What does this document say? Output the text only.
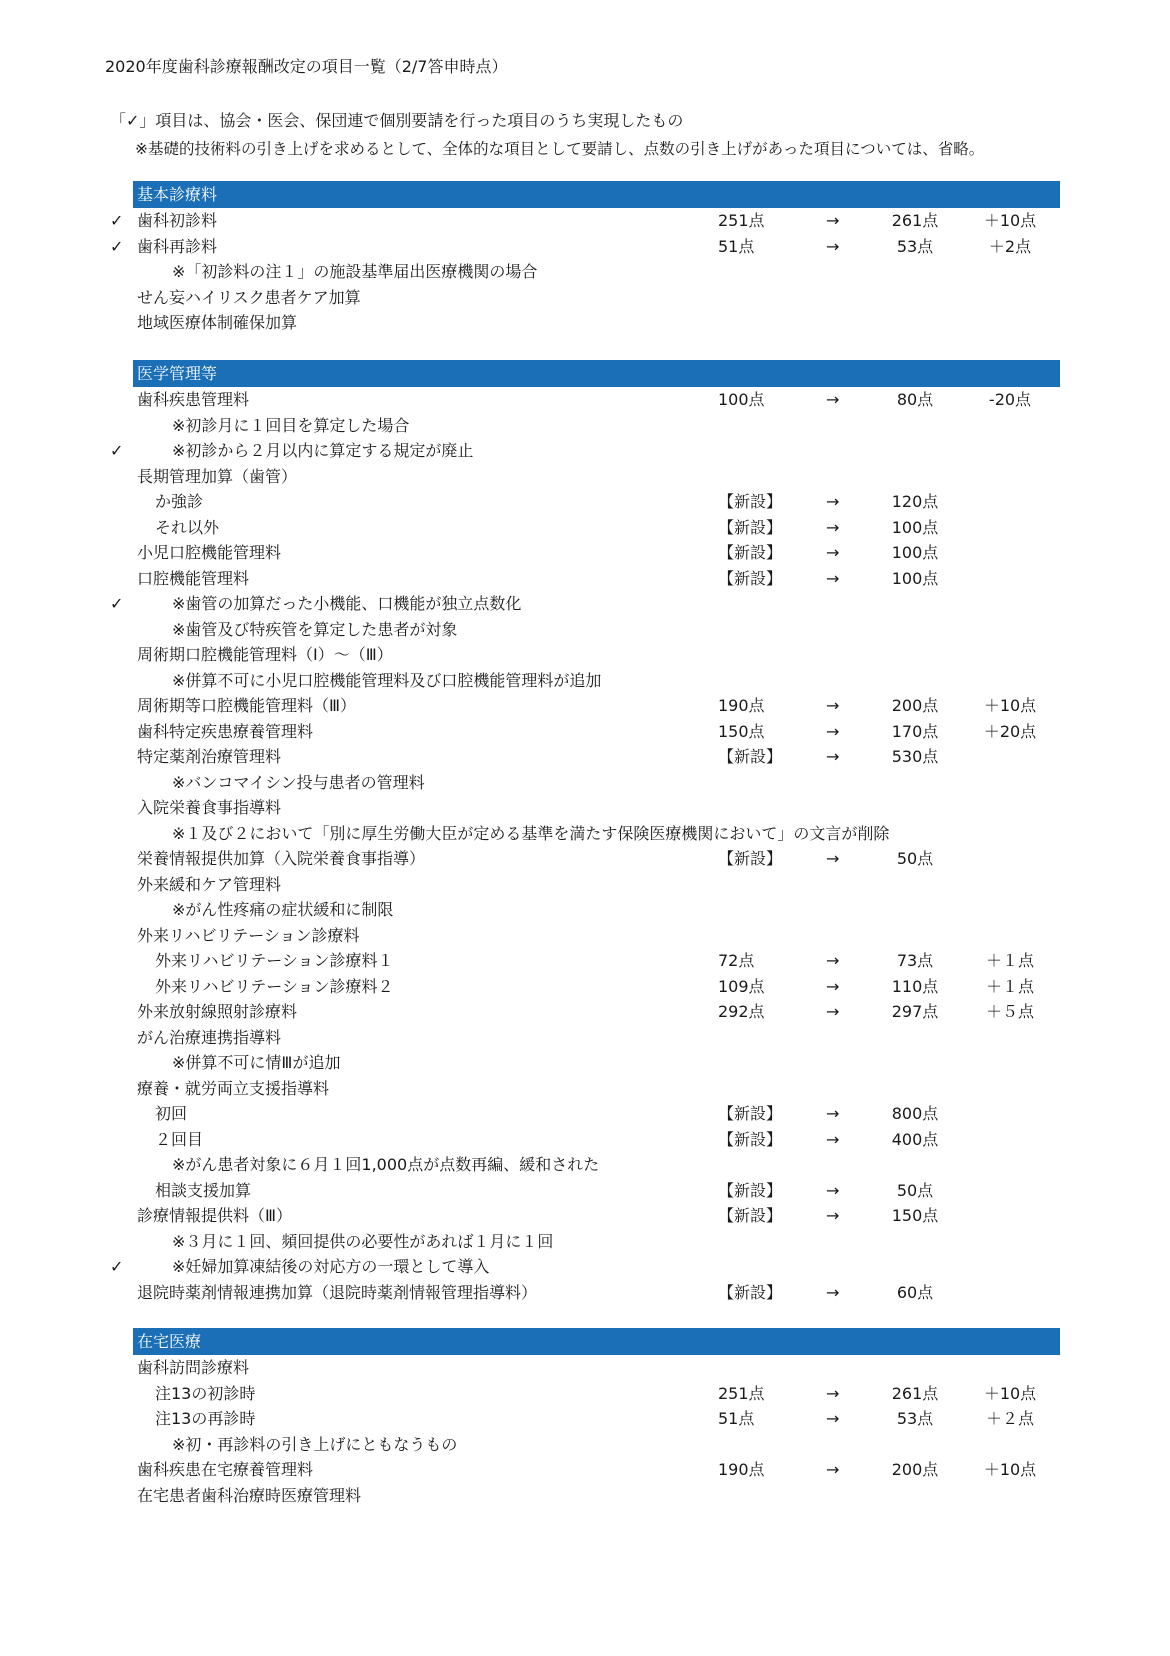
2020年度歯科診療報酬改定の項目一覧（2/7答申時点）
「✓」項目は、協会・医会、保団連で個別要請を行った項目のうち実現したもの
※基礎的技術料の引き上げを求めるとして、全体的な項目として要請し、点数の引き上げがあった項目については、省略。
基本診療料
✓ 歯科初診料	251点	→	261点	＋10点
✓ 歯科再診料	51点	→	53点	＋2点
※「初診料の注１」の施設基準届出医療機関の場合
せん妄ハイリスク患者ケア加算
地域医療体制確保加算
医学管理等
歯科疾患管理料	100点	→	80点	-20点
※初診月に１回目を算定した場合
✓	※初診から２月以内に算定する規定が廃止
長期管理加算（歯管）
か強診	【新設】	→	120点
それ以外	【新設】	→	100点
小児口腔機能管理料	【新設】	→	100点
口腔機能管理料	【新設】	→	100点
✓	※歯管の加算だった小機能、口機能が独立点数化
※歯管及び特疾管を算定した患者が対象
周術期口腔機能管理料（Ⅰ）～（Ⅲ）
※併算不可に小児口腔機能管理料及び口腔機能管理料が追加
周術期等口腔機能管理料（Ⅲ）	190点	→	200点	＋10点
歯科特定疾患療養管理料	150点	→	170点	＋20点
特定薬剤治療管理料	【新設】	→	530点
※バンコマイシン投与患者の管理料
入院栄養食事指導料
※１及び２において「別に厚生労働大臣が定める基準を満たす保険医療機関において」の文言が削除
栄養情報提供加算（入院栄養食事指導）	【新設】	→	50点
外来緩和ケア管理料
※がん性疼痛の症状緩和に制限
外来リハビリテーション診療料
外来リハビリテーション診療料１	72点	→	73点	＋１点
外来リハビリテーション診療料２	109点	→	110点	＋１点
外来放射線照射診療料	292点	→	297点	＋５点
がん治療連携指導料
※併算不可に情Ⅲが追加
療養・就労両立支援指導料
初回	【新設】	→	800点
２回目	【新設】	→	400点
※がん患者対象に６月１回1,000点が点数再編、緩和された
相談支援加算	【新設】	→	50点
診療情報提供料（Ⅲ）	【新設】	→	150点
※３月に１回、頻回提供の必要性があれば１月に１回
✓	※妊婦加算凍結後の対応方の一環として導入
退院時薬剤情報連携加算（退院時薬剤情報管理指導料）	【新設】	→	60点
在宅医療
歯科訪問診療料
注13の初診時	251点	→	261点	＋10点
注13の再診時	51点	→	53点	＋２点
※初・再診料の引き上げにともなうもの
歯科疾患在宅療養管理料	190点	→	200点	＋10点
在宅患者歯科治療時医療管理料
